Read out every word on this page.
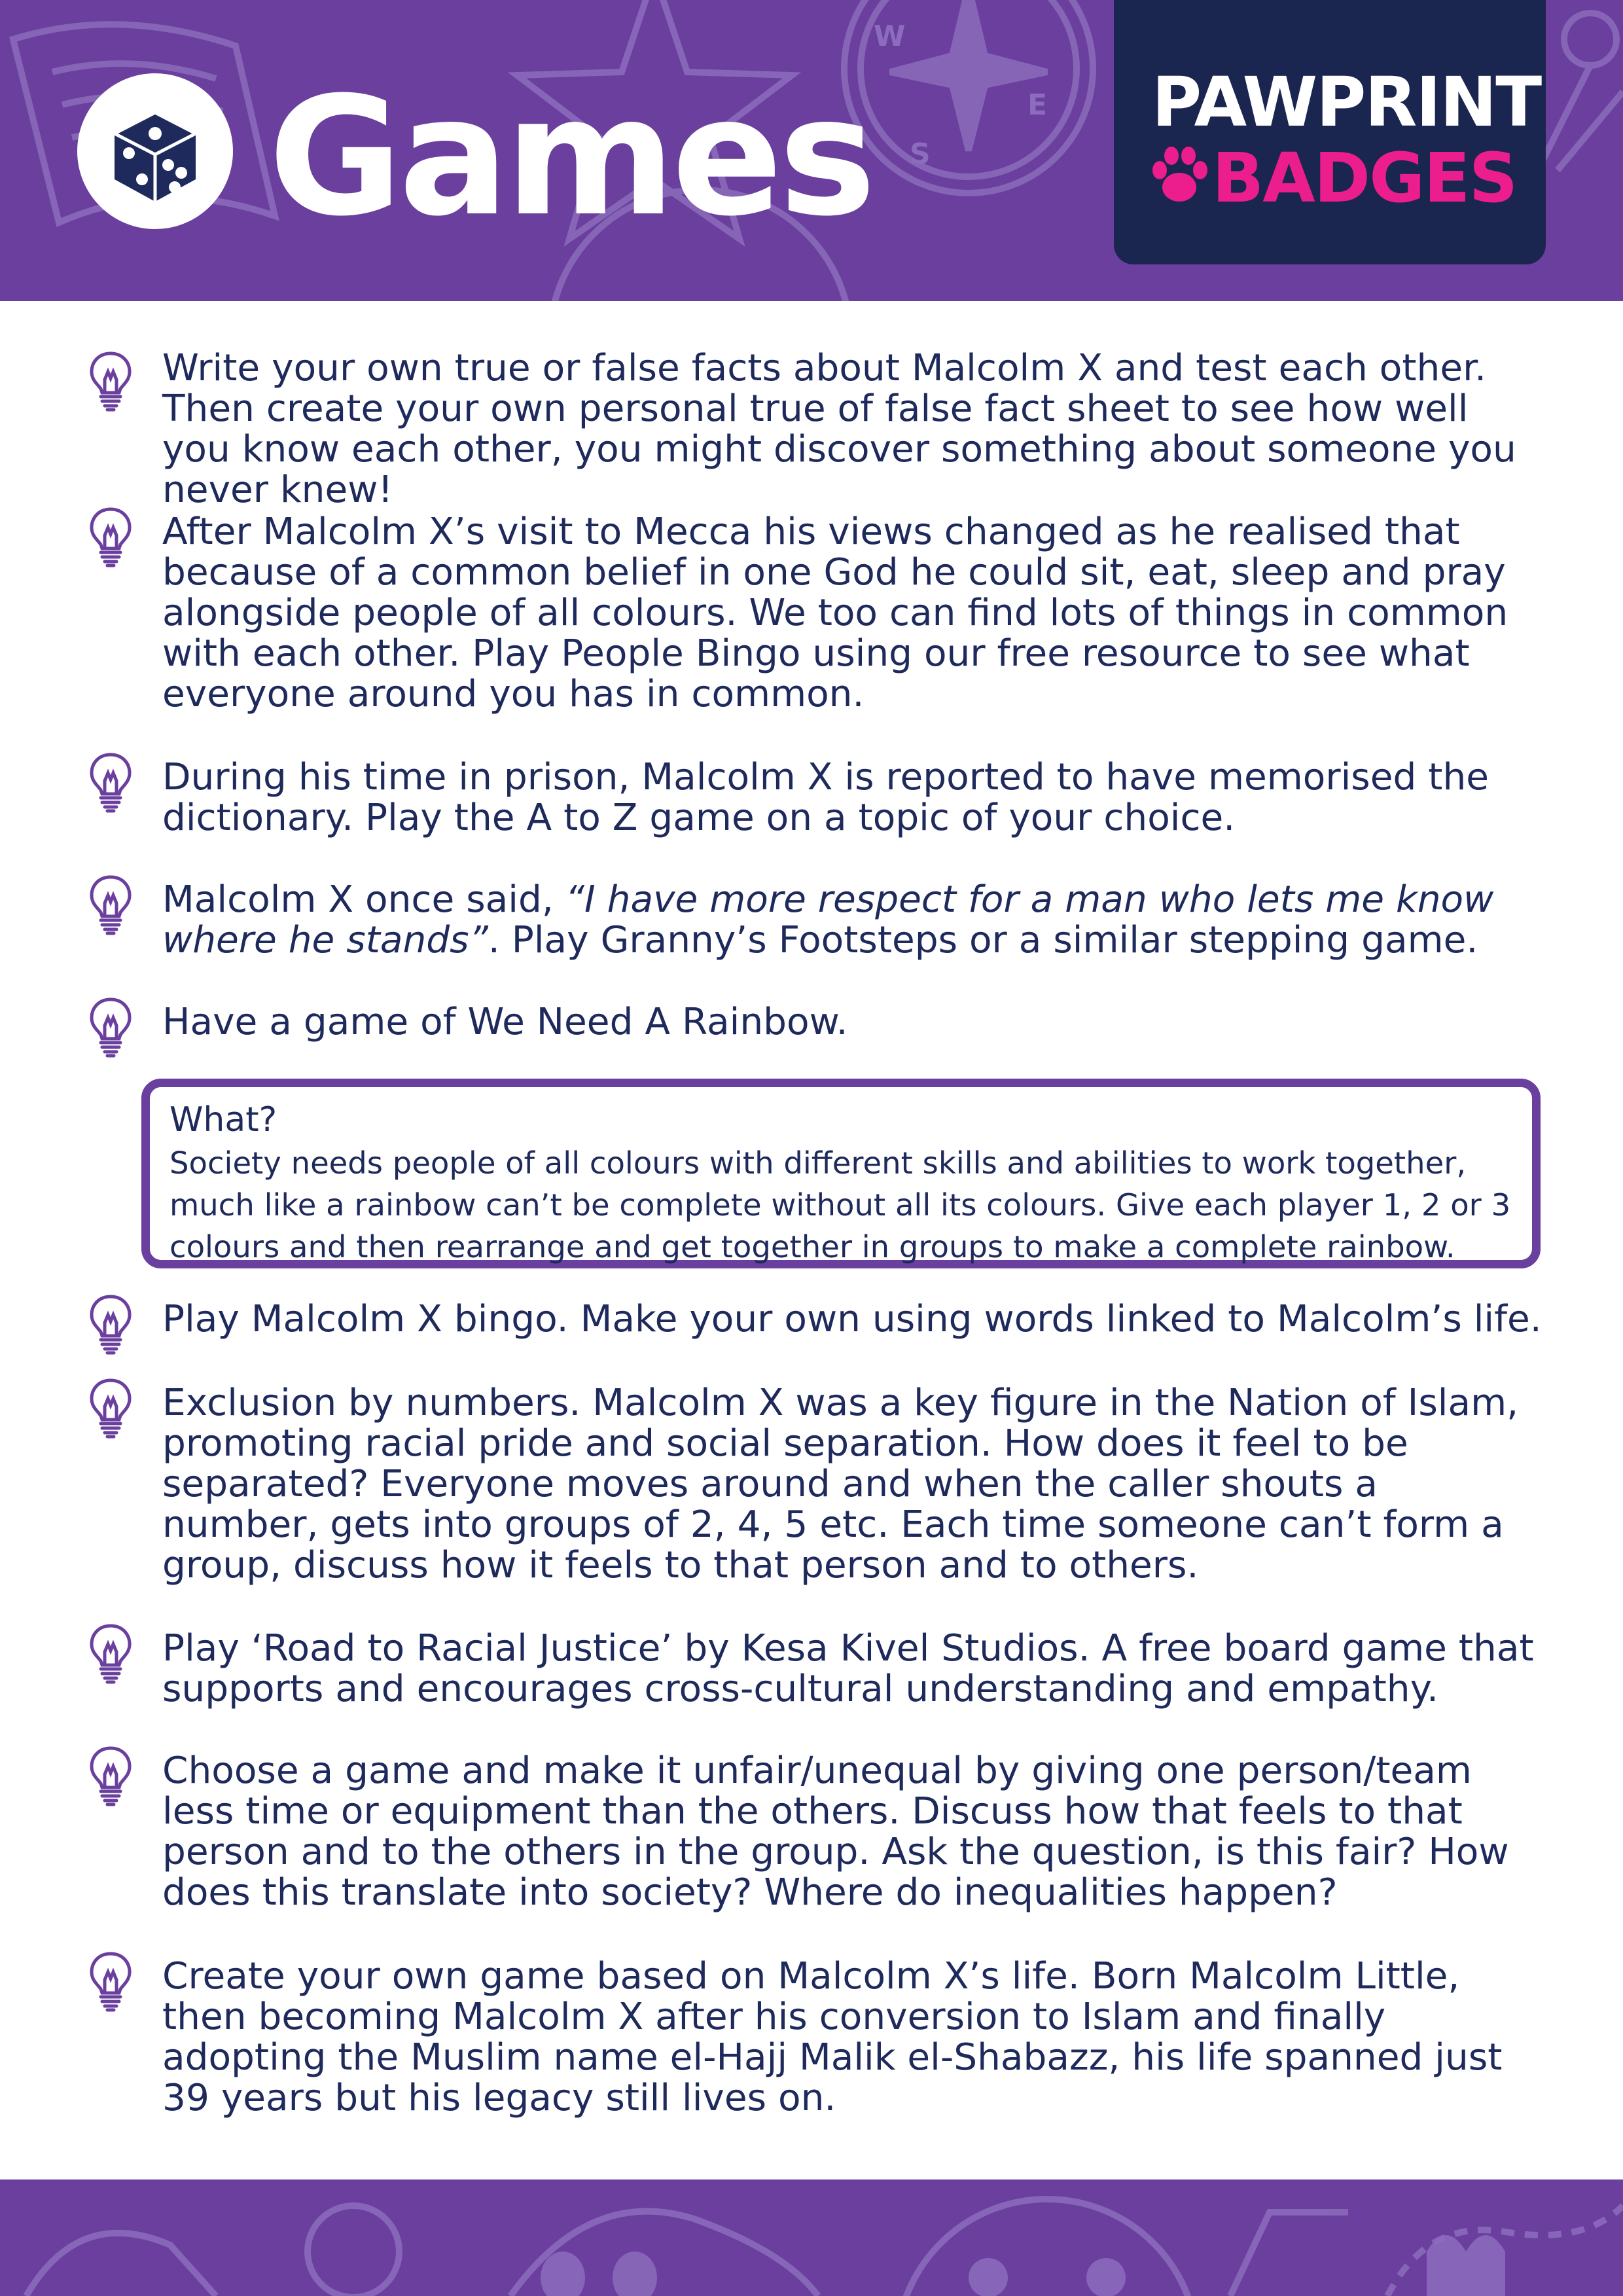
W
E
S
Games	PAWPRINT
BADGES
Write your own true or false facts about Malcolm X and test each other. Then create your own personal true of false fact sheet to see how well you know each other, you might discover something about someone you never knew!
After Malcolm X’s visit to Mecca his views changed as he realised that because of a common belief in one God he could sit, eat, sleep and pray alongside people of all colours. We too can find lots of things in common with each other. Play People Bingo using our free resource to see what everyone around you has in common.
During his time in prison, Malcolm X is reported to have memorised the dictionary. Play the A to Z game on a topic of your choice.
Malcolm X once said, “I have more respect for a man who lets me know where he stands”. Play Granny’s Footsteps or a similar stepping game.
Have a game of We Need A Rainbow.
What?
Society needs people of all colours with different skills and abilities to work together, much like a rainbow can’t be complete without all its colours. Give each player 1, 2 or 3 colours and then rearrange and get together in groups to make a complete rainbow.
Play Malcolm X bingo. Make your own using words linked to Malcolm’s life.
Exclusion by numbers. Malcolm X was a key figure in the Nation of Islam, promoting racial pride and social separation. How does it feel to be separated? Everyone moves around and when the caller shouts a number, gets into groups of 2, 4, 5 etc. Each time someone can’t form a group, discuss how it feels to that person and to others.
Play ‘Road to Racial Justice’ by Kesa Kivel Studios. A free board game that supports and encourages cross-cultural understanding and empathy.
Choose a game and make it unfair/unequal by giving one person/team less time or equipment than the others. Discuss how that feels to that person and to the others in the group. Ask the question, is this fair? How does this translate into society? Where do inequalities happen?
Create your own game based on Malcolm X’s life. Born Malcolm Little, then becoming Malcolm X after his conversion to Islam and finally adopting the Muslim name el-Hajj Malik el-Shabazz, his life spanned just 39 years but his legacy still lives on.
